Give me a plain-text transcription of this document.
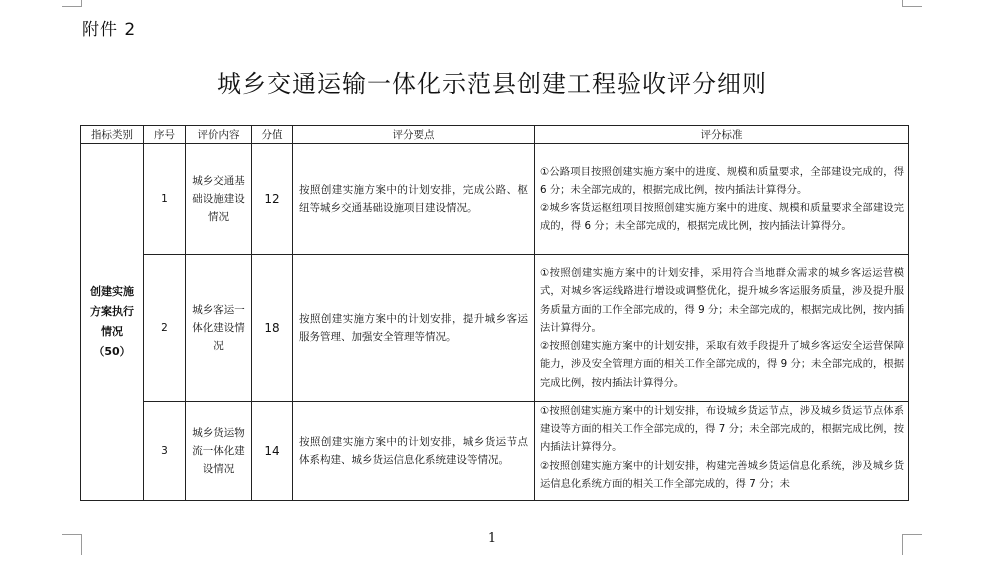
附件 2
城乡交通运输一体化示范县创建工程验收评分细则
指标类别	序号	评价内容	分值	评分要点	评分标准
创建实施方案执行情况（50）	1	城乡交通基础设施建设情况	12	按照创建实施方案中的计划安排，完成公路、枢纽等城乡交通基础设施项目建设情况。	①公路项目按照创建实施方案中的进度、规模和质量要求，全部建设完成的，得 6 分；未全部完成的，根据完成比例，按内插法计算得分。
②城乡客货运枢纽项目按照创建实施方案中的进度、规模和质量要求全部建设完成的，得 6 分；未全部完成的，根据完成比例，按内插法计算得分。

	2	城乡客运一体化建设情况	18	按照创建实施方案中的计划安排，提升城乡客运服务管理、加强安全管理等情况。	①按照创建实施方案中的计划安排，采用符合当地群众需求的城乡客运运营模式，对城乡客运线路进行增设或调整优化，提升城乡客运服务质量，涉及提升服务质量方面的工作全部完成的，得 9 分；未全部完成的，根据完成比例，按内插法计算得分。
②按照创建实施方案中的计划安排，采取有效手段提升了城乡客运安全运营保障能力，涉及安全管理方面的相关工作全部完成的，得 9 分；未全部完成的，根据完成比例，按内插法计算得分。

	3	城乡货运物流一体化建设情况	14	按照创建实施方案中的计划安排，城乡货运节点体系构建、城乡货运信息化系统建设等情况。	①按照创建实施方案中的计划安排，布设城乡货运节点，涉及城乡货运节点体系建设等方面的相关工作全部完成的，得 7 分；未全部完成的，根据完成比例，按内插法计算得分。
②按照创建实施方案中的计划安排，构建完善城乡货运信息化系统，涉及城乡货运信息化系统方面的相关工作全部完成的，得 7 分；未
1
